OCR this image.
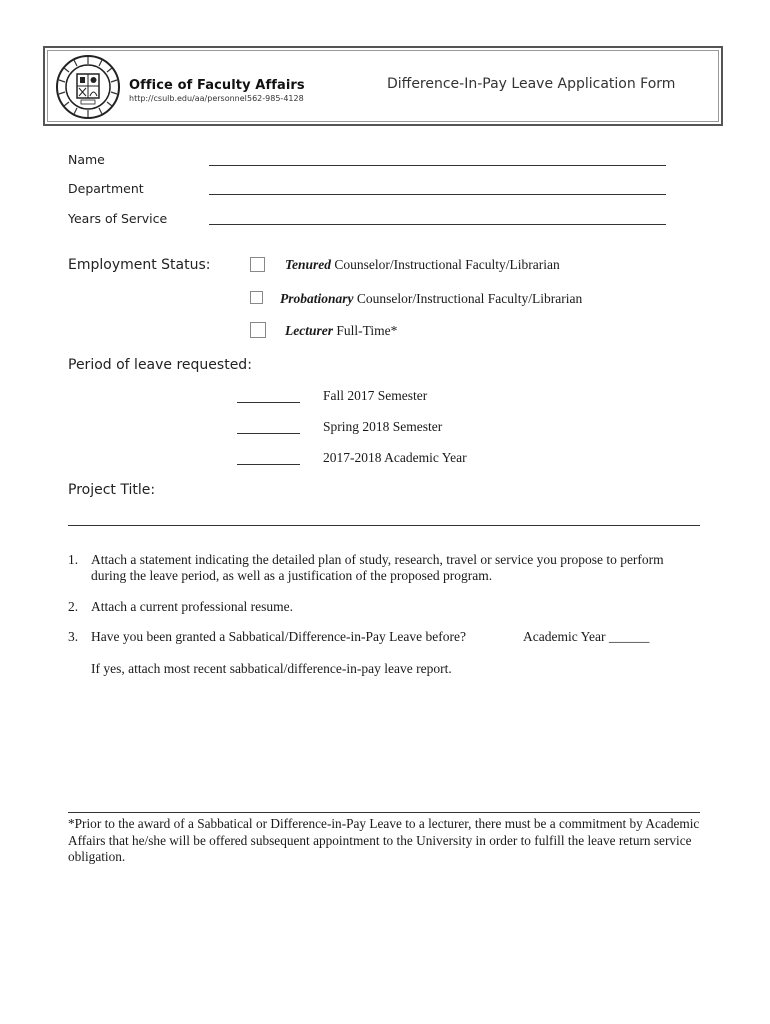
Office of Faculty Affairs
http://csulb.edu/aa/personnel 562-985-4128
Difference-In-Pay Leave Application Form
Name
Department
Years of Service
Employment Status:	Tenured Counselor/Instructional Faculty/Librarian
Probationary Counselor/Instructional Faculty/Librarian
Lecturer Full-Time*
Period of leave requested:
Fall 2017 Semester
Spring 2018 Semester
2017-2018 Academic Year
Project Title:
1. Attach a statement indicating the detailed plan of study, research, travel or service you propose to perform during the leave period, as well as a justification of the proposed program.
2. Attach a current professional resume.
3. Have you been granted a Sabbatical/Difference-in-Pay Leave before?	Academic Year ______
If yes, attach most recent sabbatical/difference-in-pay leave report.
*Prior to the award of a Sabbatical or Difference-in-Pay Leave to a lecturer, there must be a commitment by Academic Affairs that he/she will be offered subsequent appointment to the University in order to fulfill the leave return service obligation.
